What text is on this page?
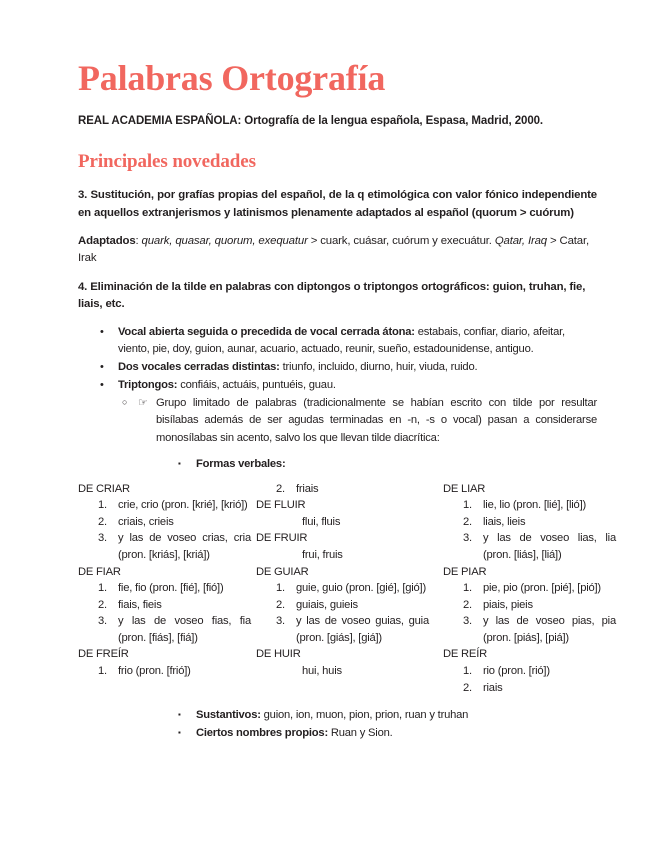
Palabras Ortografía

REAL ACADEMIA ESPAÑOLA: Ortografía de la lengua española, Espasa, Madrid, 2000.

Principales novedades

3. Sustitución, por grafías propias del español, de la q etimológica con valor fónico independiente en aquellos extranjerismos y latinismos plenamente adaptados al español (quorum > cuórum)

Adaptados: quark, quasar, quorum, exequatur > cuark, cuásar, cuórum y execuátur. Qatar, Iraq > Catar, Irak

4. Eliminación de la tilde en palabras con diptongos o triptongos ortográficos: guion, truhan, fie, liais, etc.

• Vocal abierta seguida o precedida de vocal cerrada átona: estabais, confiar, diario, afeitar, viento, pie, doy, guion, aunar, acuario, actuado, reunir, sueño, estadounidense, antiguo.
• Dos vocales cerradas distintas: triunfo, incluido, diurno, huir, viuda, ruido.
• Triptongos: confiáis, actuáis, puntuéis, guau.
○ ☞ Grupo limitado de palabras (tradicionalmente se habían escrito con tilde por resultar bisílabas además de ser agudas terminadas en -n, -s o vocal) pasan a considerarse monosílabas sin acento, salvo los que llevan tilde diacrítica:
▪ Formas verbales:
DE CRIAR
1. crie, crio (pron. [krié], [krió])
2. criais, crieis
3. y las de voseo crias, cria (pron. [kriás], [kriá])
DE FIAR
1. fie, fio (pron. [fié], [fió])
2. fiais, fieis
3. y las de voseo fias, fia (pron. [fiás], [fiá])
DE FREÍR
1. frio (pron. [frió])
2. friais
DE FLUIR
flui, fluis
DE FRUIR
frui, fruis
DE GUIAR
1. guie, guio (pron. [gié], [gió])
2. guiais, guieis
3. y las de voseo guias, guia (pron. [giás], [giá])
DE HUIR
hui, huis
DE LIAR
1. lie, lio (pron. [lié], [lió])
2. liais, lieis
3. y las de voseo lias, lia (pron. [liás], [liá])
DE PIAR
1. pie, pio (pron. [pié], [pió])
2. piais, pieis
3. y las de voseo pias, pia (pron. [piás], [piá])
DE REÍR
1. rio (pron. [rió])
2. riais
▪ Sustantivos: guion, ion, muon, pion, prion, ruan y truhan
▪ Ciertos nombres propios: Ruan y Sion.
